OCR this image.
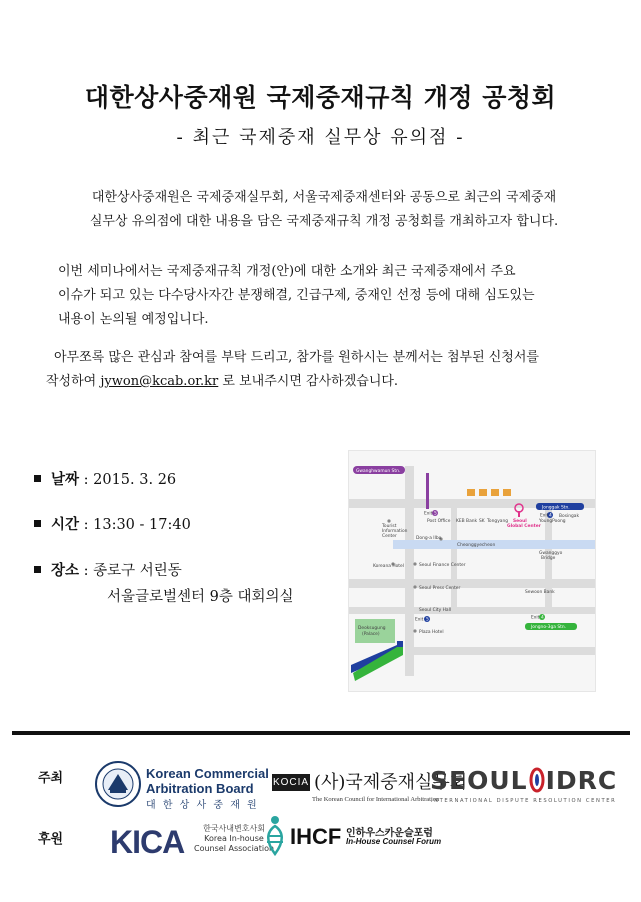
대한상사중재원 국제중재규칙 개정 공청회
- 최근 국제중재 실무상 유의점 -
대한상사중재원은 국제중재실무회, 서울국제중재센터와 공동으로 최근의 국제중재
실무상 유의점에 대한 내용을 담은 국제중재규칙 개정 공청회를 개최하고자 합니다.
이번 세미나에서는 국제중재규칙 개정(안)에 대한 소개와 최근 국제중재에서 주요
이슈가 되고 있는 다수당사자간 분쟁해결, 긴급구제, 중재인 선정 등에 대해 심도있는
내용이 논의될 예정입니다.
아무쪼록 많은 관심과 참여를 부탁 드리고, 참가를 원하시는 분께서는 첨부된 신청서를
작성하여 jywon@kcab.or.kr 로 보내주시면 감사하겠습니다.
날짜 : 2015. 3. 26
시간 : 13:30 - 17:40
장소 : 종로구 서린동
서울글로벌센터 9층 대회의실
Gwanghwamun Stn.
Jonggak Stn.
Exit 5
Post Office KEB Bank SK Tongyang Seoul
Global Center
Exit 4
YoungPoong
Bosingak
Tourist
Information
Center	Dong-a Ilbo
Cheonggyecheon
Gwanggyo
Bridge
Koreana Hotel	Seoul Finance Center
Seoul Press Center
Sewoon Bank
Seoul City Hall
Exit 5	Exit 4
Deoksugung
(Palace)	Plaza Hotel
Jongno-3ga Stn.
주최
후원
Korean Commercial
Arbitration Board
대 한 상 사 중 재 원
KOCIA (사)국제중재실무회
The Korean Council for International Arbitration
SEOUL IDRC
INTERNATIONAL DISPUTE RESOLUTION CENTER
KICA	한국사내변호사회
Korea In-house
Counsel Association IHCF 인하우스카운슬포럼
In-House Counsel Forum
